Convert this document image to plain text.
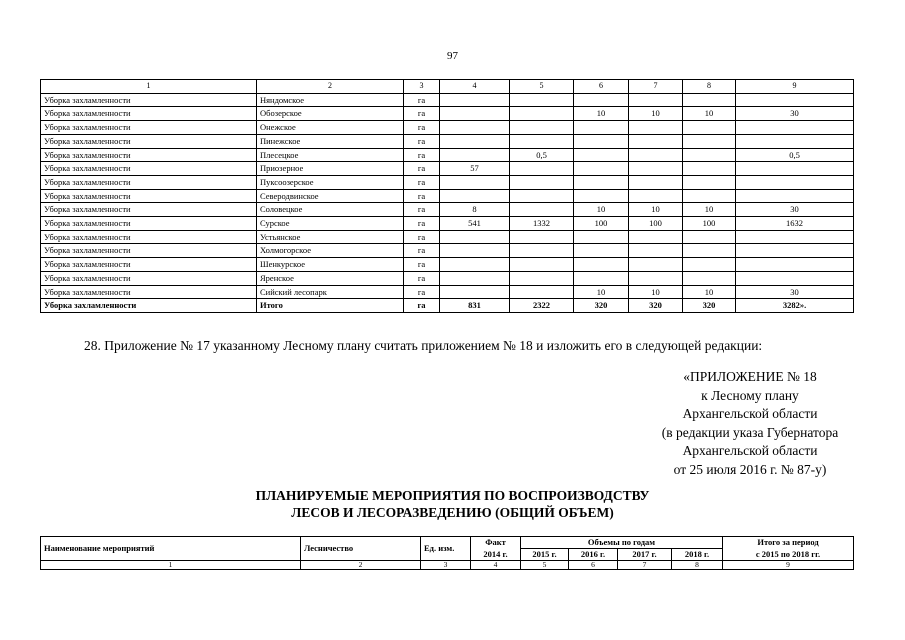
97
1	2	3	4	5	6	7	8	9
Уборка захламленности	Няндомское	га						
Уборка захламленности	Обозерское	га			10	10	10	30
Уборка захламленности	Онежское	га						
Уборка захламленности	Пинежское	га						
Уборка захламленности	Плесецкое	га		0,5				0,5
Уборка захламленности	Приозерное	га	57					
Уборка захламленности	Пуксоозерское	га						
Уборка захламленности	Северодвинское	га						
Уборка захламленности	Соловецкое	га	8		10	10	10	30
Уборка захламленности	Сурское	га	541	1332	100	100	100	1632
Уборка захламленности	Устьянское	га						
Уборка захламленности	Холмогорское	га						
Уборка захламленности	Шенкурское	га						
Уборка захламленности	Яренское	га						
Уборка захламленности	Сийский лесопарк	га			10	10	10	30
Уборка захламленности	Итого	га	831	2322	320	320	320	3282».
28. Приложение № 17 указанному Лесному плану считать приложением № 18 и изложить его в следующей редакции:
«ПРИЛОЖЕНИЕ № 18
к Лесному плану
Архангельской области
(в редакции указа Губернатора
Архангельской области
от 25 июля 2016 г. № 87-у)
ПЛАНИРУЕМЫЕ МЕРОПРИЯТИЯ ПО ВОСПРОИЗВОДСТВУ
ЛЕСОВ И ЛЕСОРАЗВЕДЕНИЮ (ОБЩИЙ ОБЪЕМ)
Наименование мероприятий	Лесничество	Ед. изм.	Факт	Объемы по годам				Итого за период
			2014 г.	2015 г.	2016 г.	2017 г.	2018 г.	с 2015 по 2018 гг.
1	2	3	4	5	6	7	8	9
